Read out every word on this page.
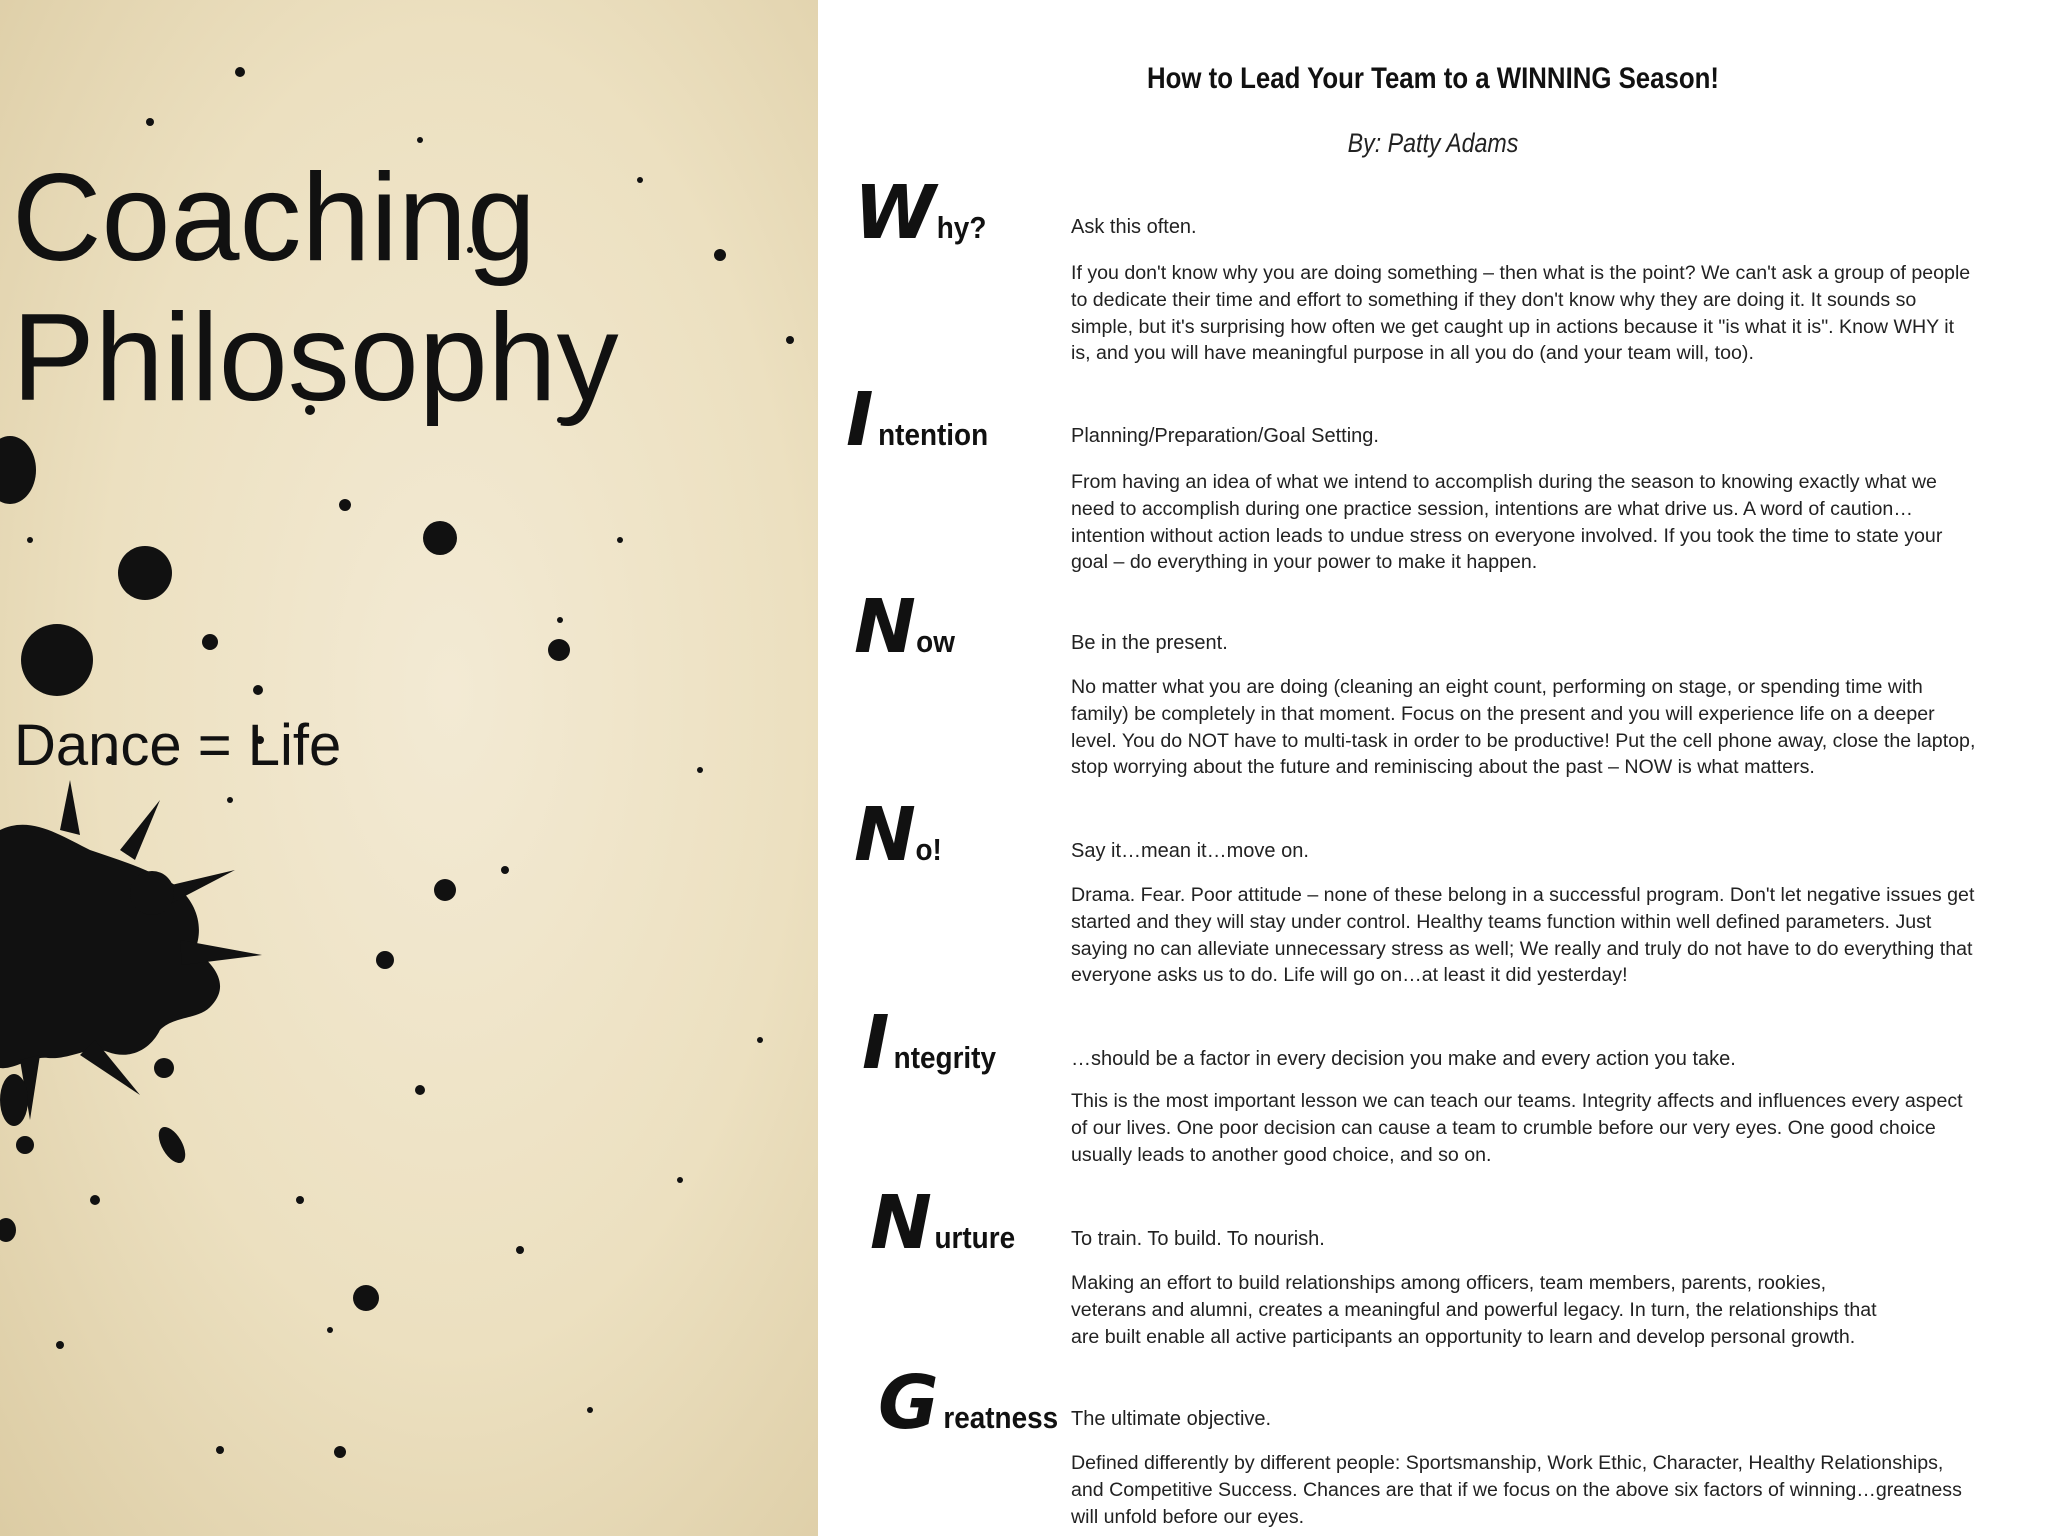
Coaching Philosophy
Dance = Life
How to Lead Your Team to a WINNING Season!
By: Patty Adams
Why?	Ask this often.

If you don't know why you are doing something – then what is the point? We can't ask a group of people to dedicate their time and effort to something if they don't know why they are doing it. It sounds so simple, but it's surprising how often we get caught up in actions because it "is what it is". Know WHY it is, and you will have meaningful purpose in all you do (and your team will, too).

I ntention	Planning/Preparation/Goal Setting.

From having an idea of what we intend to accomplish during the season to knowing exactly what we need to accomplish during one practice session, intentions are what drive us. A word of caution…intention without action leads to undue stress on everyone involved. If you took the time to state your goal – do everything in your power to make it happen.

Now	Be in the present.

No matter what you are doing (cleaning an eight count, performing on stage, or spending time with family) be completely in that moment. Focus on the present and you will experience life on a deeper level. You do NOT have to multi-task in order to be productive! Put the cell phone away, close the laptop, stop worrying about the future and reminiscing about the past – NOW is what matters.

No!	Say it…mean it…move on.

Drama. Fear. Poor attitude – none of these belong in a successful program. Don't let negative issues get started and they will stay under control. Healthy teams function within well defined parameters. Just saying no can alleviate unnecessary stress as well; We really and truly do not have to do everything that everyone asks us to do. Life will go on…at least it did yesterday!

I ntegrity	…should be a factor in every decision you make and every action you take.

This is the most important lesson we can teach our teams. Integrity affects and influences every aspect of our lives. One poor decision can cause a team to crumble before our very eyes. One good choice usually leads to another good choice, and so on.

N urture	To train. To build. To nourish.

Making an effort to build relationships among officers, team members, parents, rookies, veterans and alumni, creates a meaningful and powerful legacy. In turn, the relationships that are built enable all active participants an opportunity to learn and develop personal growth.

G reatness The ultimate objective.

Defined differently by different people: Sportsmanship, Work Ethic, Character, Healthy Relationships, and Competitive Success. Chances are that if we focus on the above six factors of winning…greatness will unfold before our eyes.
